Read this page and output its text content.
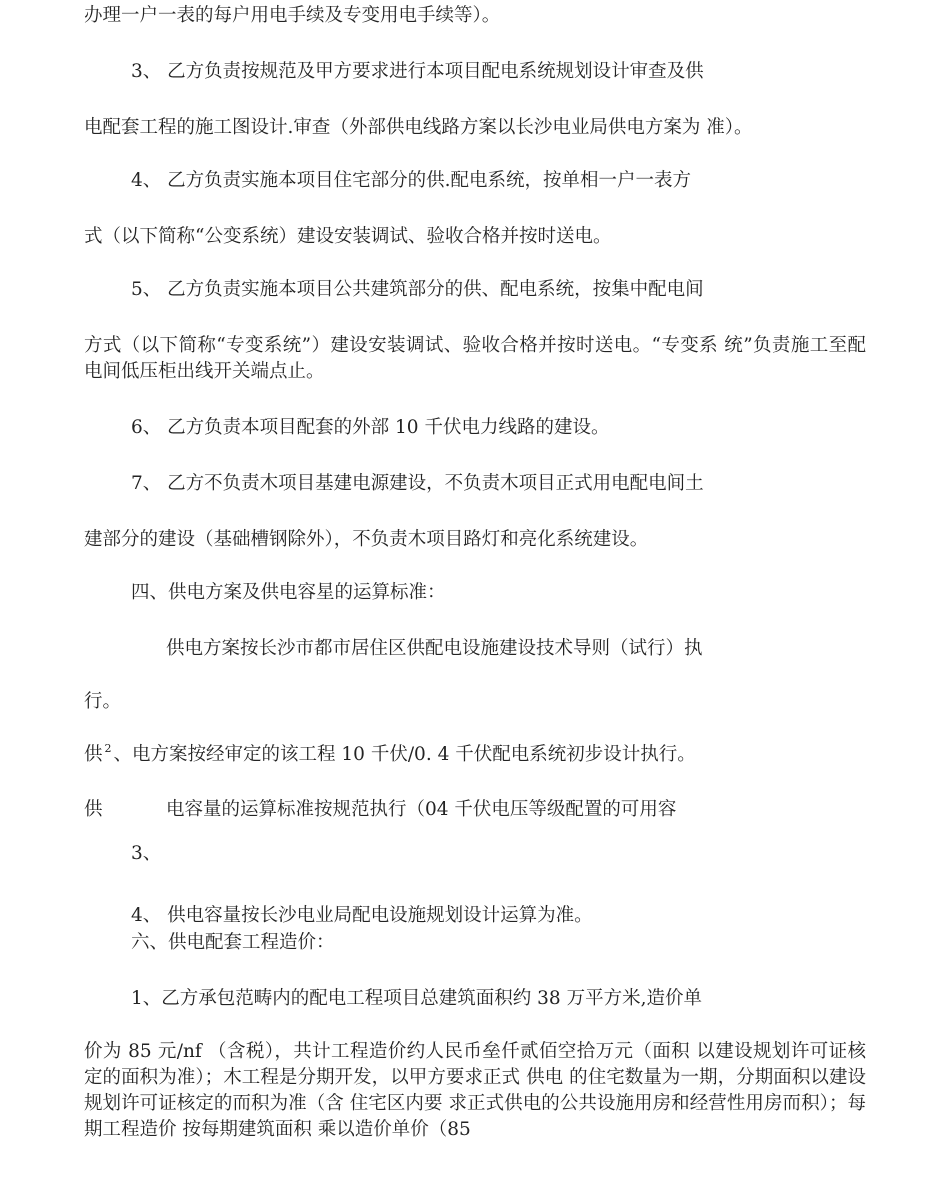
办理一户一表的每户用电手续及专变用电手续等）。

3、 乙方负责按规范及甲方要求进行本项目配电系统规划设计审查及供

电配套工程的施工图设计.审查（外部供电线路方案以长沙电业局供电方案为 准）。

4、 乙方负责实施本项目住宅部分的供.配电系统，按单相一户一表方

式（以下简称“公变系统）建设安装调试、验收合格并按时送电。

5、 乙方负责实施本项目公共建筑部分的供、配电系统，按集中配电间

方式（以下简称“专变系统”）建设安装调试、验收合格并按时送电。“专变系 统”负责施工至配电间低压柜出线开关端点止。

6、 乙方负责本项目配套的外部 10 千伏电力线路的建设。

7、 乙方不负责木项目基建电源建设，不负责木项目正式用电配电间土

建部分的建设（基础槽钢除外），不负责木项目路灯和亮化系统建设。

四、供电方案及供电容星的运算标准：

供电方案按长沙市都市居住区供配电设施建设技术导则（试行）执

行。

供 $^2$ 、电方案按经审定的该工程 10 千伏/0. 4 千伏配电系统初步设计执行。

供	电容量的运算标准按规范执行（04 千伏电压等级配置的可用容

3、

4、 供电容量按长沙电业局配电设施规划设计运算为准。

六、供电配套工程造价：

1、乙方承包范畴内的配电工程项目总建筑面积约 38 万平方米,造价单

价为 85 元/nf （含税），共计工程造价约人民币垒仟贰佰空拾万元（面积 以建设规划许可证核定的面积为准）；木工程是分期开发，以甲方要求正式 供电 的住宅数量为一期，分期面积以建设规划许可证核定的而积为准（含 住宅区内要 求正式供电的公共设施用房和经营性用房而积）；每期工程造价 按每期建筑面积 乘以造价单价（85
